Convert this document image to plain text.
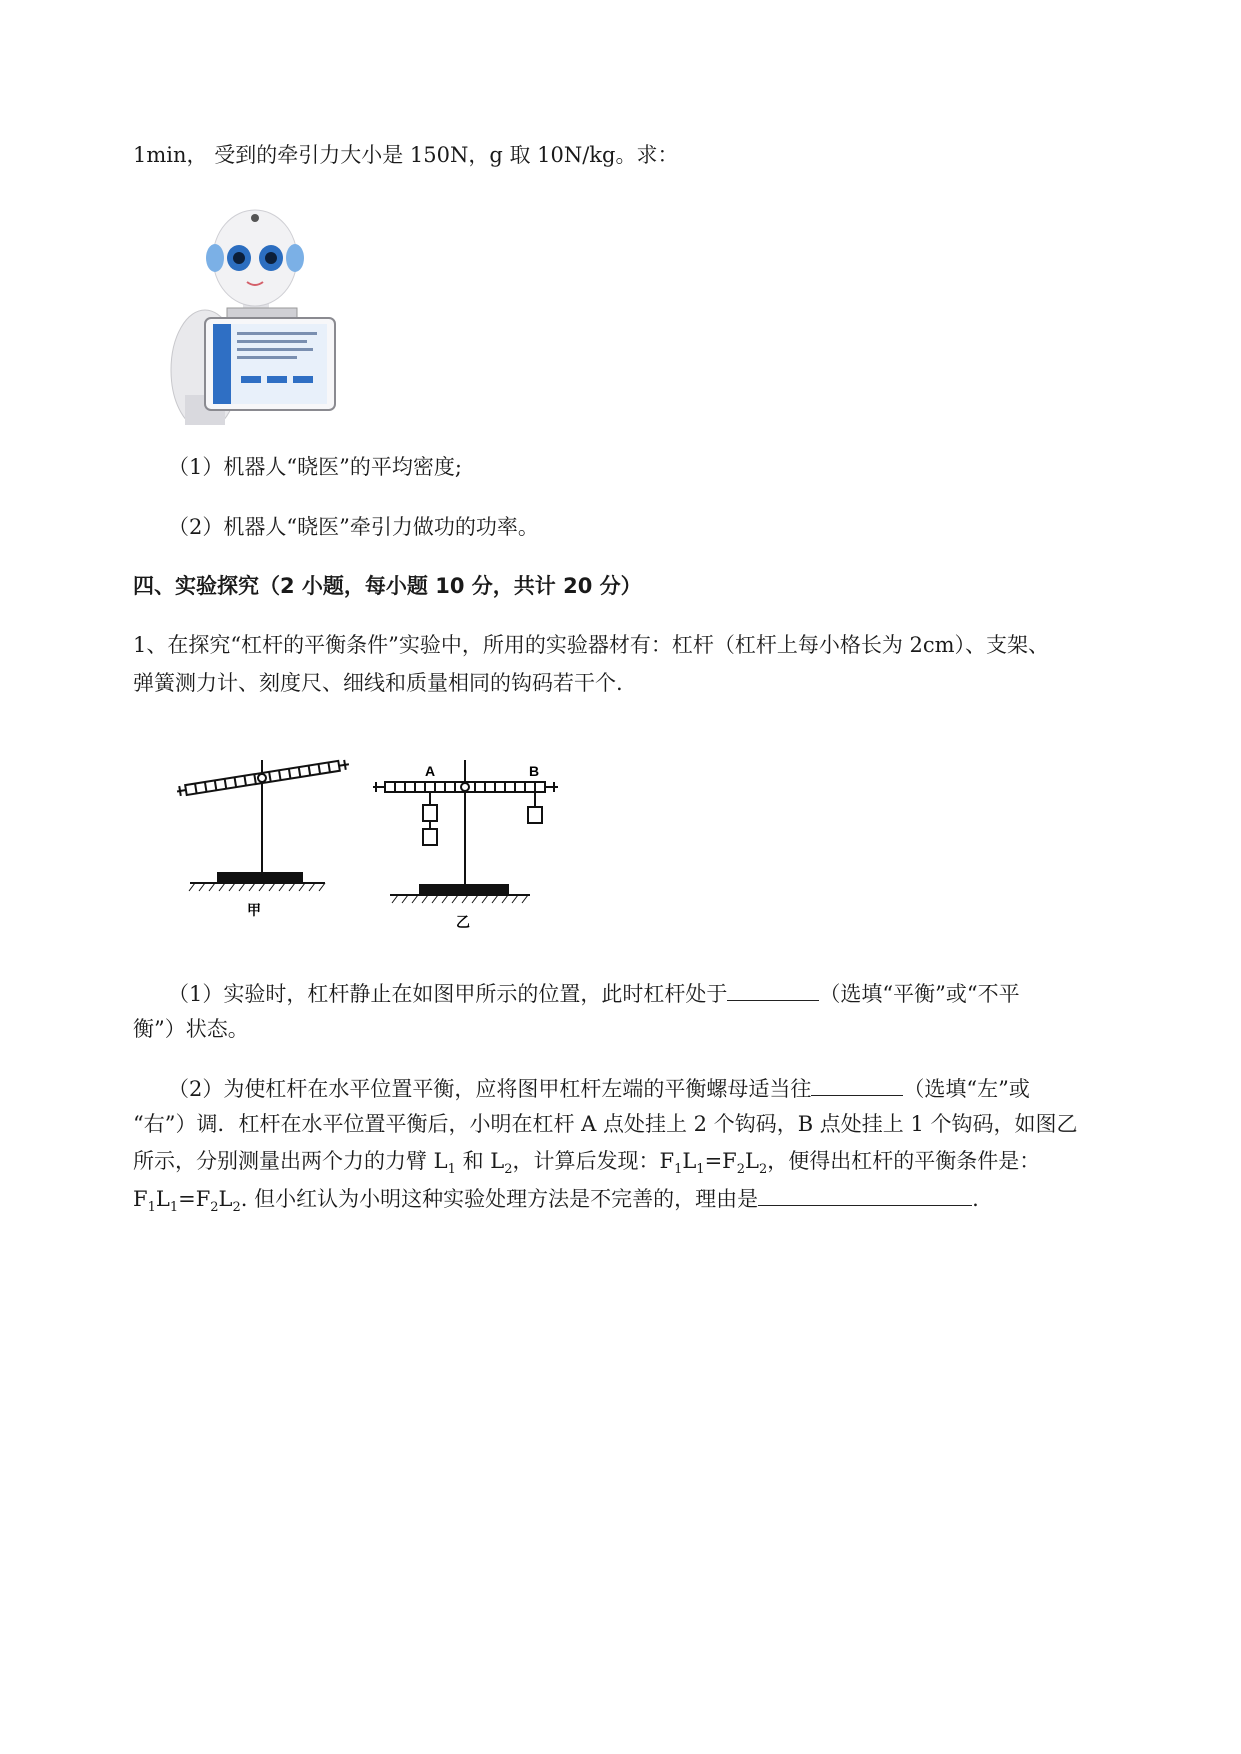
1min， 受到的牵引力大小是 150N，g 取 10N/kg。求：
（1）机器人“晓医”的平均密度;
（2）机器人“晓医”牵引力做功的功率。
四、实验探究（2 小题，每小题 10 分，共计 20 分）
1、在探究“杠杆的平衡条件”实验中，所用的实验器材有：杠杆（杠杆上每小格长为 2cm）、支架、
弹簧测力计、刻度尺、细线和质量相同的钩码若干个.
甲
A	B
乙
（1）实验时，杠杆静止在如图甲所示的位置，此时杠杆处于	（选填“平衡”或“不平
衡”）状态。
（2）为使杠杆在水平位置平衡，应将图甲杠杆左端的平衡螺母适当往	（选填“左”或
“右”）调．杠杆在水平位置平衡后，小明在杠杆 A 点处挂上 2 个钩码，B 点处挂上 1 个钩码，如图乙
所示，分别测量出两个力的力臂 $L_1$ 和 $L_2$，计算后发现：$F_1L_1=F_2L_2$，便得出杠杆的平衡条件是：
$F_1L_1=F_2L_2$. 但小红认为小明这种实验处理方法是不完善的，理由是	.
